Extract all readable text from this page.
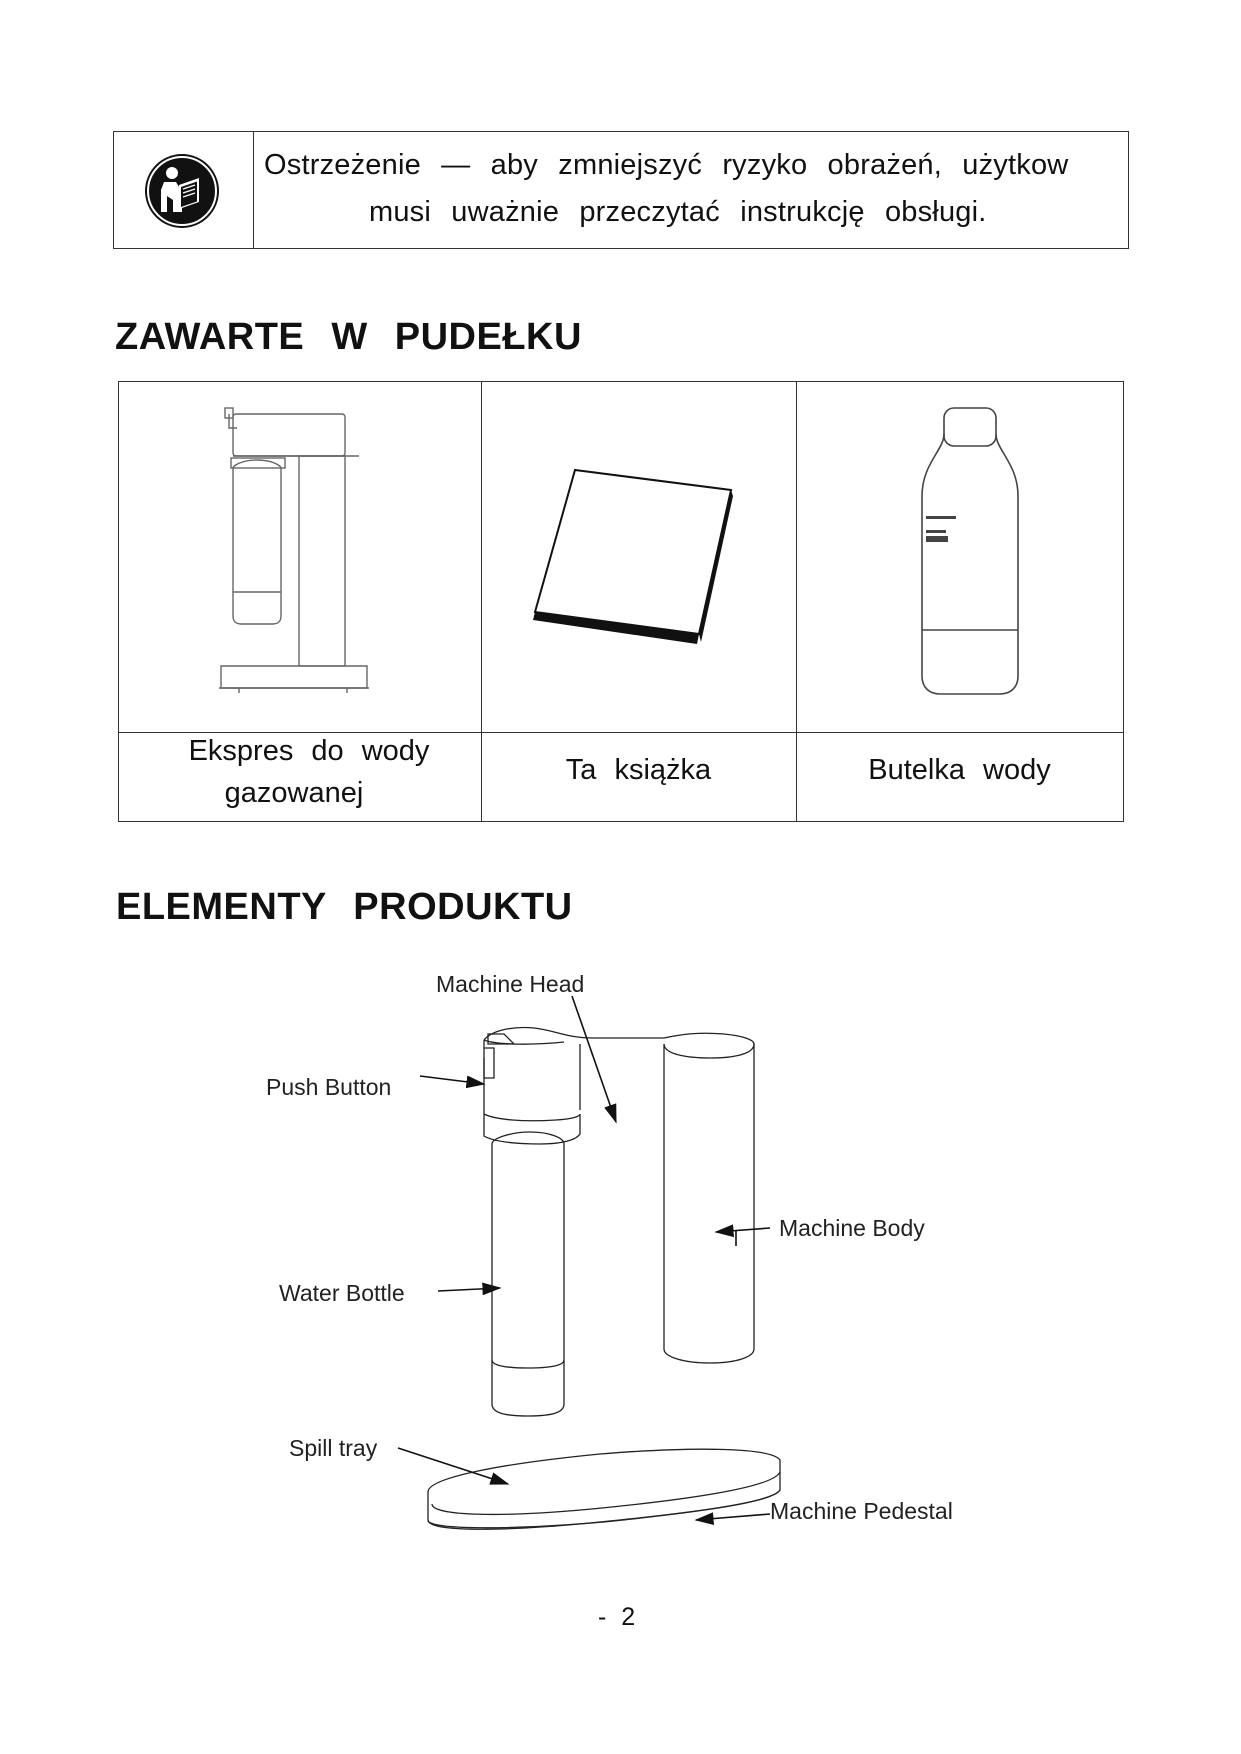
Ostrzeżenie — aby zmniejszyć ryzyko obrażeń, użytkow
musi uważnie przeczytać instrukcję obsługi.
ZAWARTE W PUDEŁKU
Ekspres do wody
gazowanej
Ta książka	Butelka wody
ELEMENTY PRODUKTU
Machine Head
Push Button
Machine Body
Water Bottle
Spill tray
Machine Pedestal
- 2
